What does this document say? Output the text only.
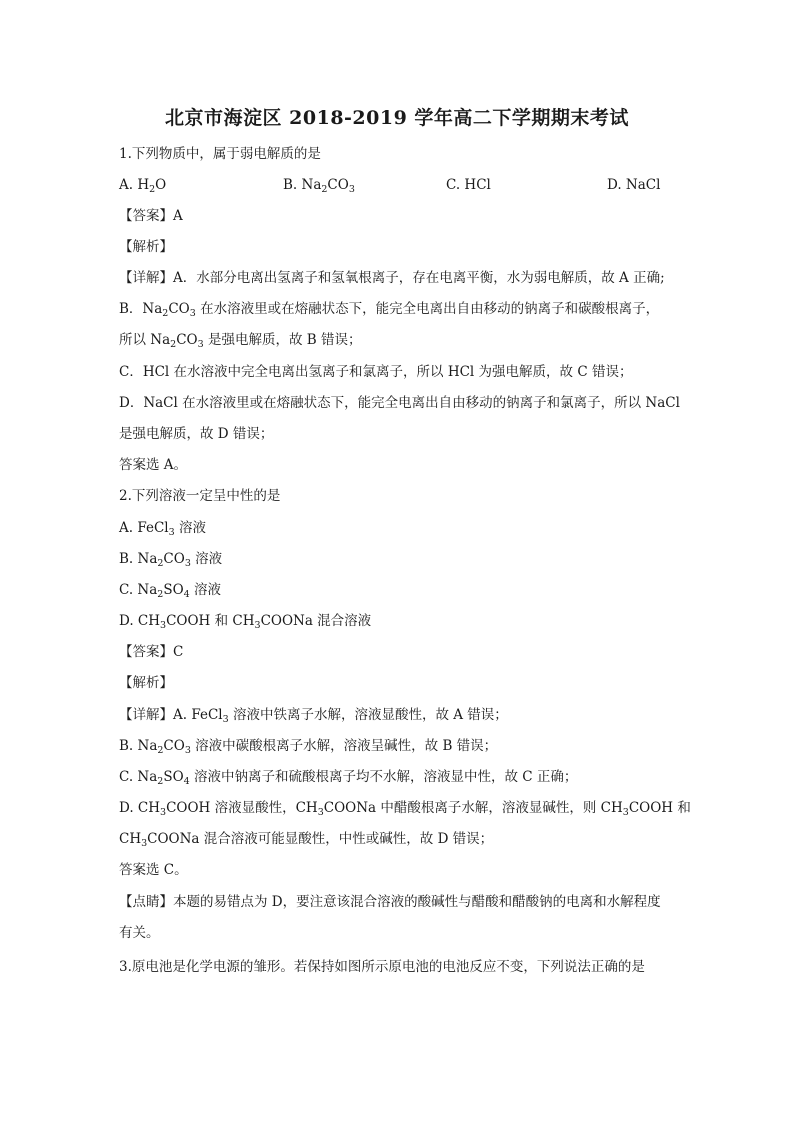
北京市海淀区 2018-2019 学年高二下学期期末考试
1.下列物质中，属于弱电解质的是
A. $H_2O$	B. $Na_2CO_3$	C. HCl	D. NaCl
【答案】A
【解析】
【详解】A．水部分电离出氢离子和氢氧根离子，存在电离平衡，水为弱电解质，故 A 正确;
B．$Na_2CO_3$ 在水溶液里或在熔融状态下，能完全电离出自由移动的钠离子和碳酸根离子，
所以 $Na_2CO_3$ 是强电解质，故 B 错误；
C．HCl 在水溶液中完全电离出氢离子和氯离子，所以 HCl 为强电解质，故 C 错误；
D．NaCl 在水溶液里或在熔融状态下，能完全电离出自由移动的钠离子和氯离子，所以 NaCl
是强电解质，故 D 错误；
答案选 A。
2.下列溶液一定呈中性的是
A. FeCl$_3$ 溶液
B. $Na_2CO_3$ 溶液
C. $Na_2SO_4$ 溶液
D. $CH_3COOH$ 和 $CH_3COONa$ 混合溶液
【答案】C
【解析】
【详解】A. FeCl$_3$ 溶液中铁离子水解，溶液显酸性，故 A 错误；
B. $Na_2CO_3$ 溶液中碳酸根离子水解，溶液呈碱性，故 B 错误；
C. $Na_2SO_4$ 溶液中钠离子和硫酸根离子均不水解，溶液显中性，故 C 正确；
D. $CH_3COOH$ 溶液显酸性，$CH_3COONa$ 中醋酸根离子水解，溶液显碱性，则 $CH_3COOH$ 和
$CH_3COONa$ 混合溶液可能显酸性，中性或碱性，故 D 错误；
答案选 C。
【点睛】本题的易错点为 D，要注意该混合溶液的酸碱性与醋酸和醋酸钠的电离和水解程度
有关。
3.原电池是化学电源的雏形。若保持如图所示原电池的电池反应不变，下列说法正确的是
